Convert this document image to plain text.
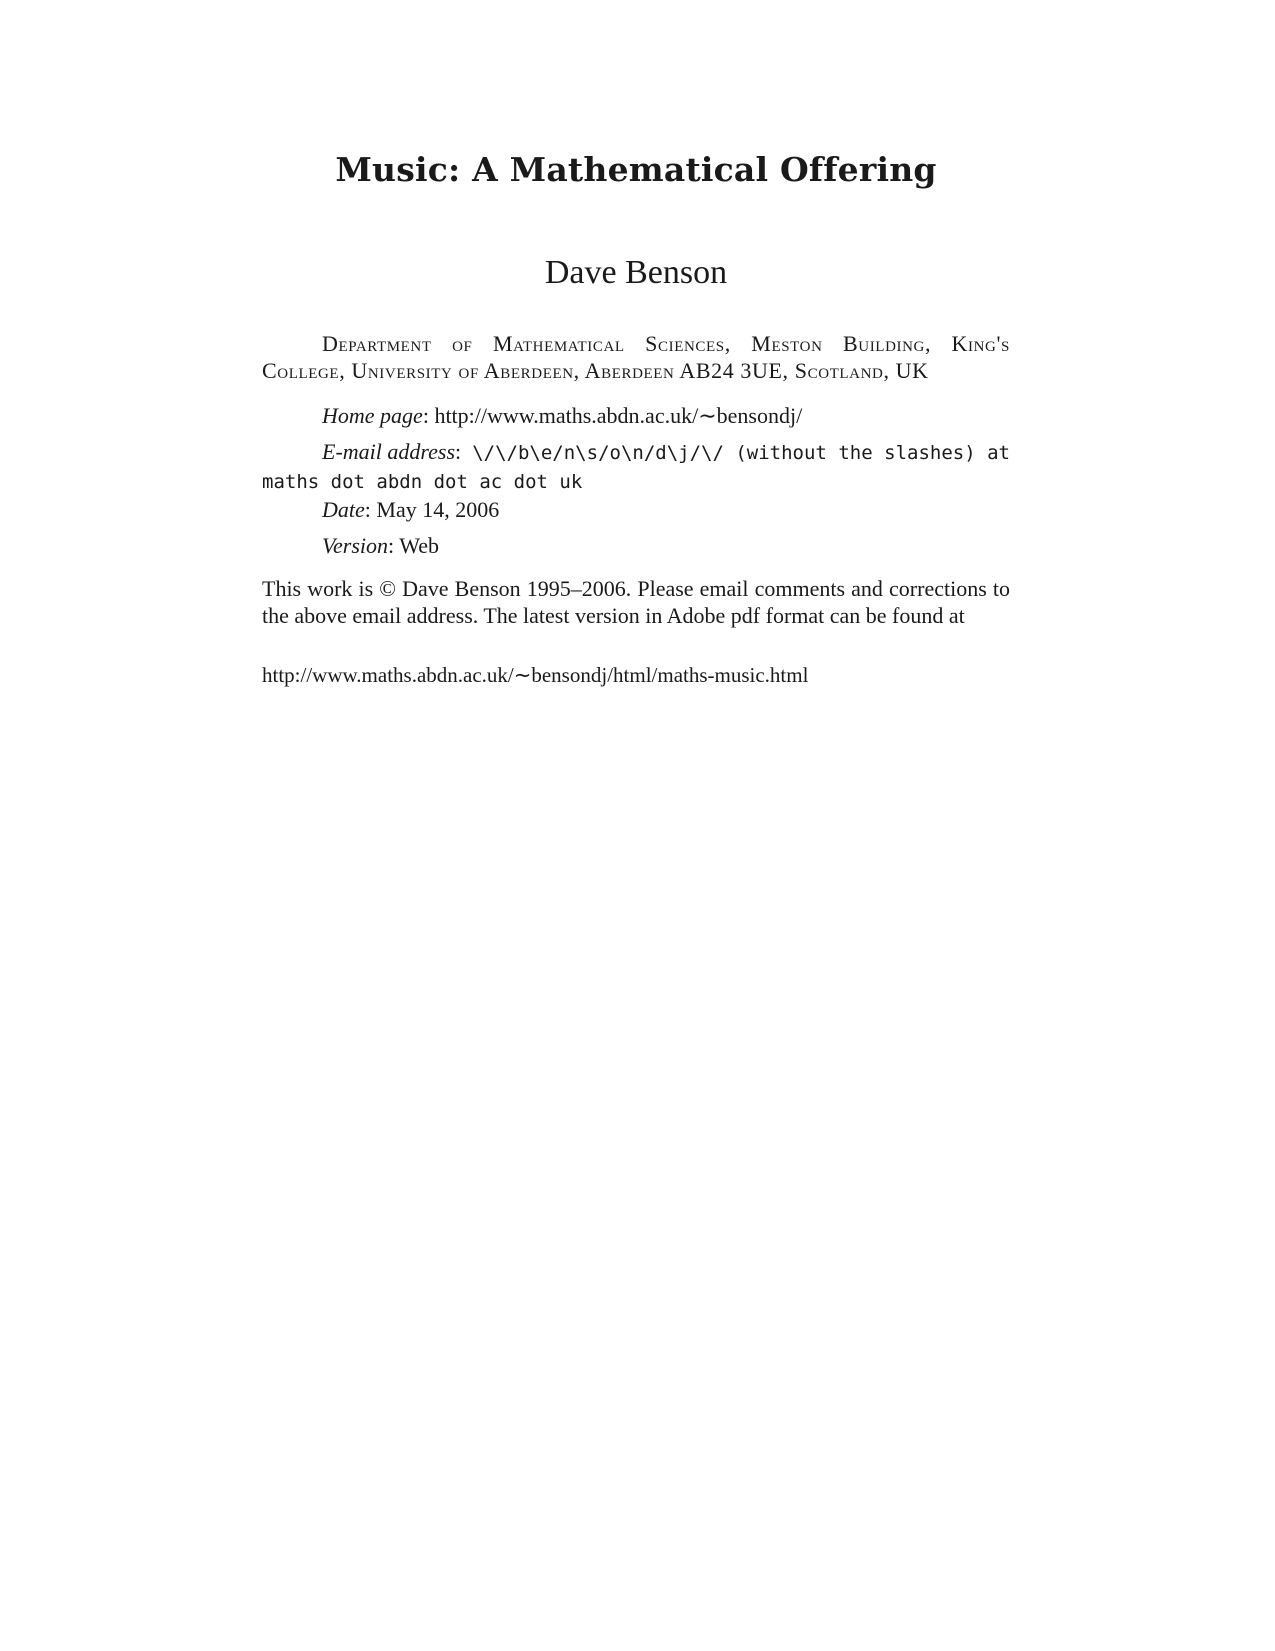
Music: A Mathematical Offering
Dave Benson

Department of Mathematical Sciences, Meston Building, King's College, University of Aberdeen, Aberdeen AB24 3UE, Scotland, UK

Home page: http://www.maths.abdn.ac.uk/∼bensondj/

E-mail address:  \/\/b\e/n\s/o\n/d\j/\/ (without the slashes) at maths dot abdn dot ac dot uk

Date: May 14, 2006

Version: Web

This work is © Dave Benson 1995–2006. Please email comments and corrections to the above email address. The latest version in Adobe pdf format can be found at

http://www.maths.abdn.ac.uk/∼bensondj/html/maths-music.html
